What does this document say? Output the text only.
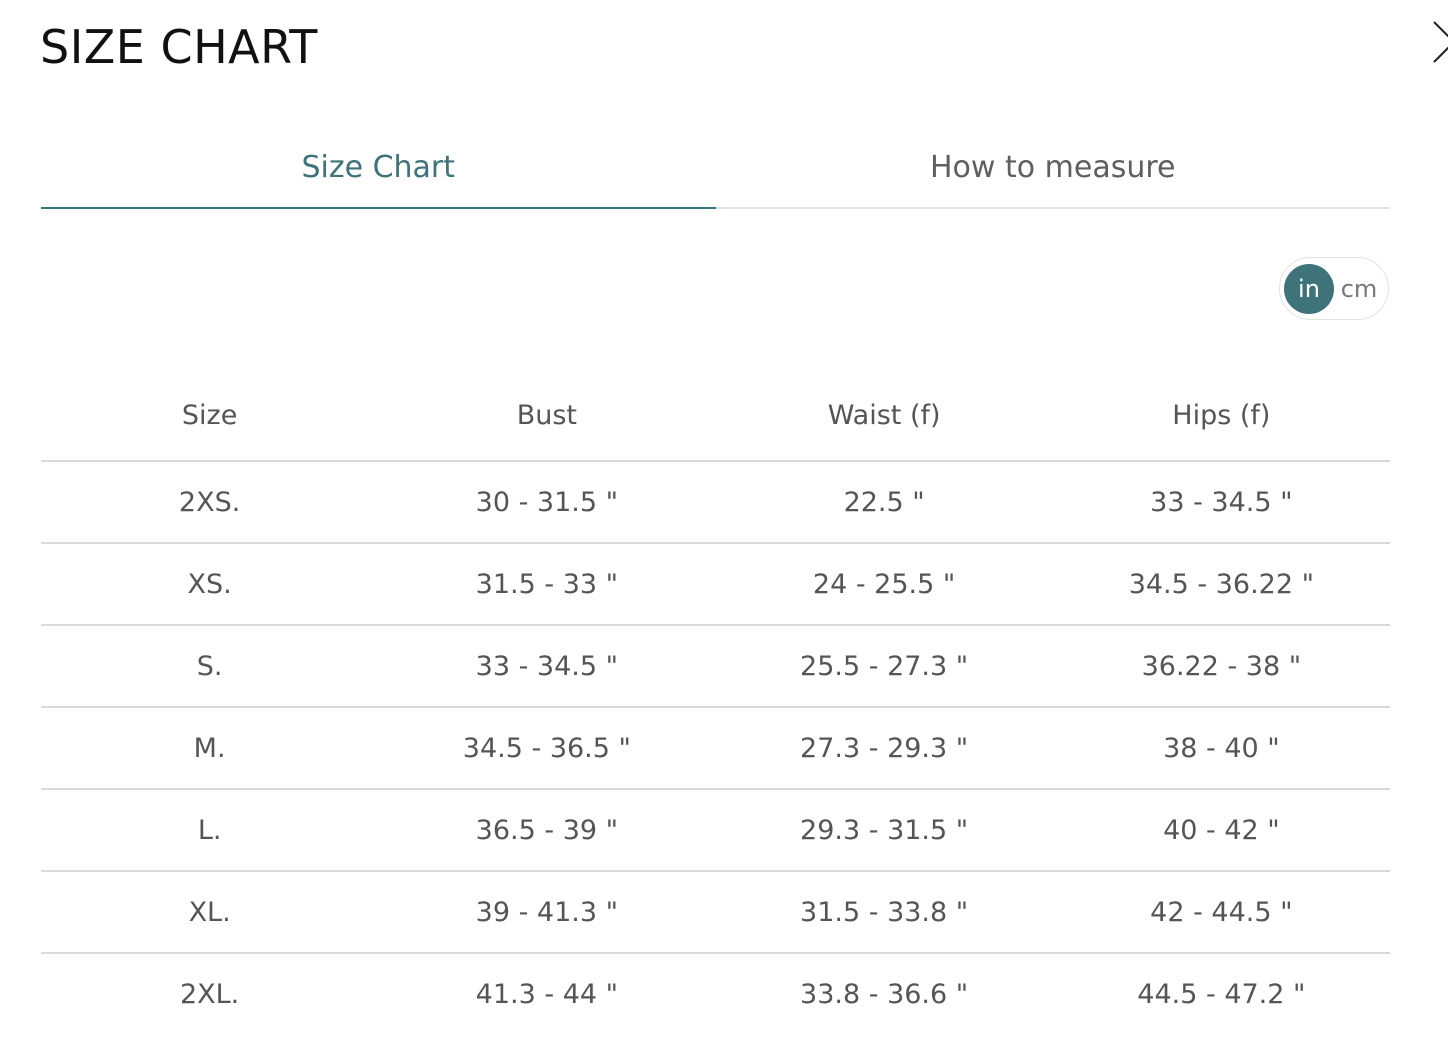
SIZE CHART
Size Chart	How to measure
in cm
Size	Bust	Waist (f)	Hips (f)
2XS.	30 - 31.5 "	22.5 "	33 - 34.5 "
XS.	31.5 - 33 "	24 - 25.5 "	34.5 - 36.22 "
S.	33 - 34.5 "	25.5 - 27.3 "	36.22 - 38 "
M.	34.5 - 36.5 "	27.3 - 29.3 "	38 - 40 "
L.	36.5 - 39 "	29.3 - 31.5 "	40 - 42 "
XL.	39 - 41.3 "	31.5 - 33.8 "	42 - 44.5 "
2XL.	41.3 - 44 "	33.8 - 36.6 "	44.5 - 47.2 "
